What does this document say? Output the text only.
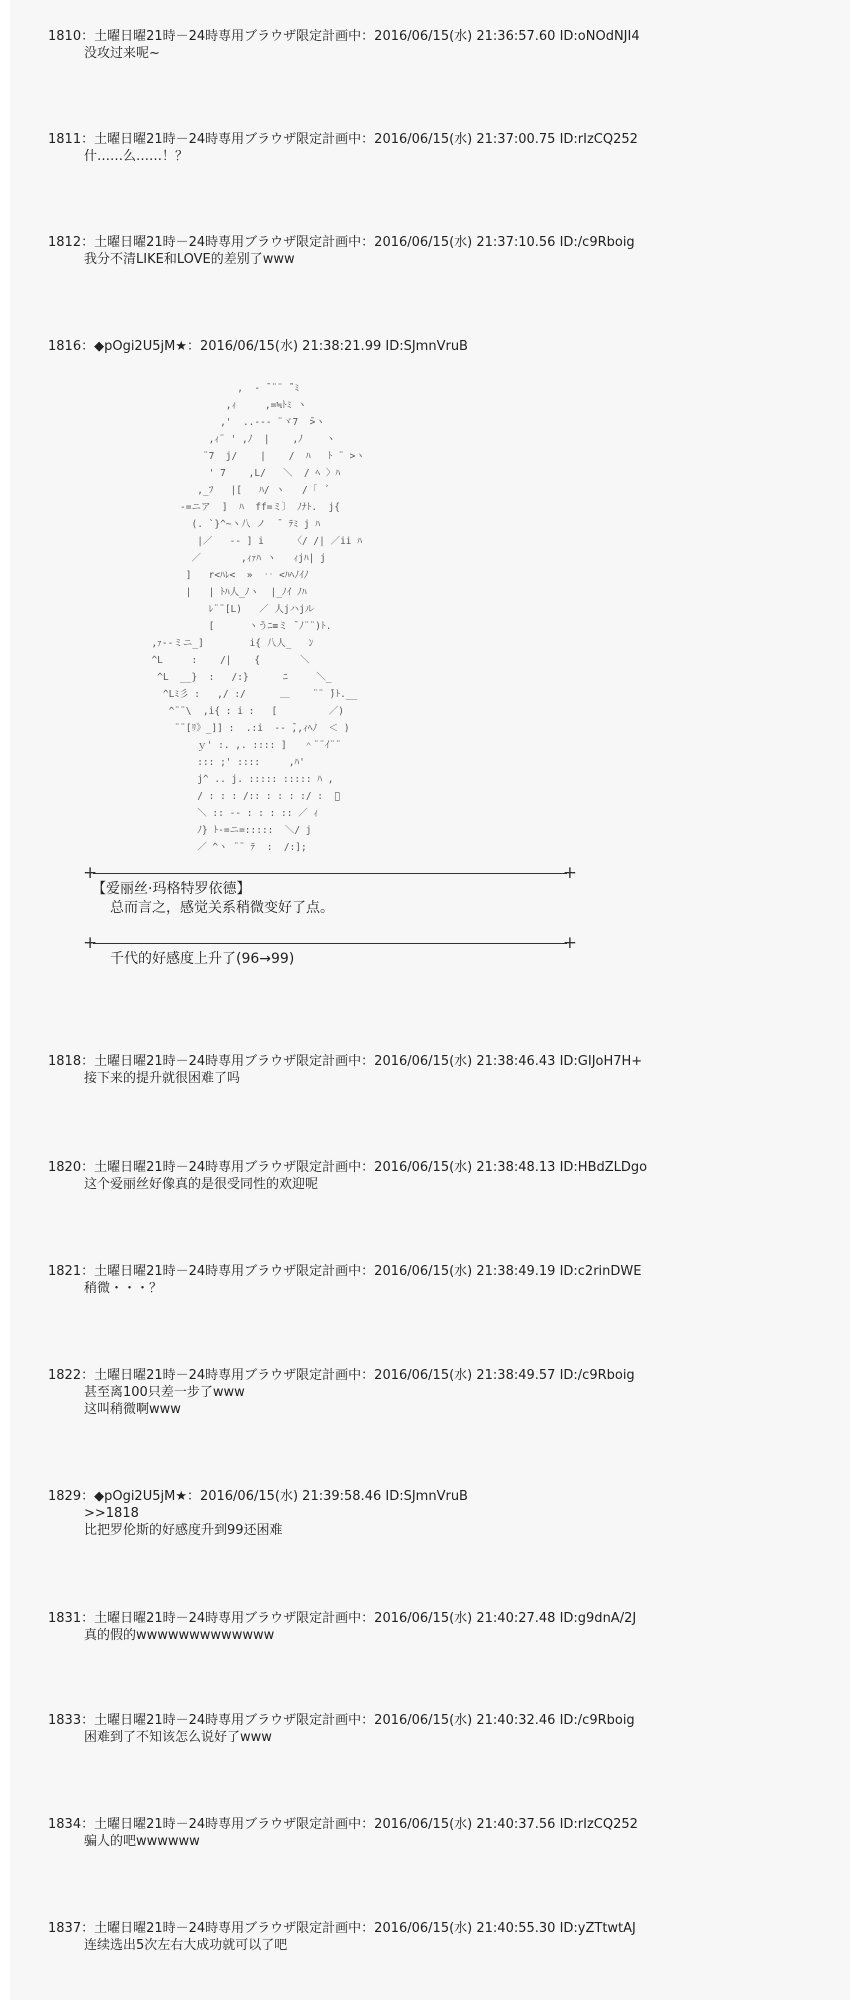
1810：土曜日曜21時－24時専用ブラウザ限定計画中：2016/06/15(水) 21:36:57.60 ID:oNOdNJI4
没攻过来呢~
1811：土曜日曜21時－24時専用ブラウザ限定計画中：2016/06/15(水) 21:37:00.75 ID:rIzCQ252
什……么……！？
1812：土曜日曜21時－24時専用ブラウザ限定計画中：2016/06/15(水) 21:37:10.56 ID:/c9Rboig
我分不清LIKE和LOVE的差别了www
1816：◆pOgi2U5jM★：2016/06/15(水) 21:38:21.99 ID:SJmnVruB
1818：土曜日曜21時－24時専用ブラウザ限定計画中：2016/06/15(水) 21:38:46.43 ID:GIJoH7H+
接下来的提升就很困难了吗
1820：土曜日曜21時－24時専用ブラウザ限定計画中：2016/06/15(水) 21:38:48.13 ID:HBdZLDgo
这个爱丽丝好像真的是很受同性的欢迎呢
1821：土曜日曜21時－24時専用ブラウザ限定計画中：2016/06/15(水) 21:38:49.19 ID:c2rinDWE
稍微・・・？
1822：土曜日曜21時－24時専用ブラウザ限定計画中：2016/06/15(水) 21:38:49.57 ID:/c9Rboig
甚至离100只差一步了www
这叫稍微啊www
1829：◆pOgi2U5jM★：2016/06/15(水) 21:39:58.46 ID:SJmnVruB
>>1818
比把罗伦斯的好感度升到99还困难
1831：土曜日曜21時－24時専用ブラウザ限定計画中：2016/06/15(水) 21:40:27.48 ID:g9dnA/2J
真的假的wwwwwwwwwwwww
1833：土曜日曜21時－24時専用ブラウザ限定計画中：2016/06/15(水) 21:40:32.46 ID:/c9Rboig
困难到了不知该怎么说好了www
1834：土曜日曜21時－24時専用ブラウザ限定計画中：2016/06/15(水) 21:40:37.56 ID:rIzCQ252
骗人的吧wwwwww
1837：土曜日曜21時－24時専用ブラウザ限定計画中：2016/06/15(水) 21:40:55.30 ID:yZTtwtAJ
连续选出5次左右大成功就可以了吧
,  ‐ ¯¨¨ ̄¨ﾐ
,ｨ     ,=≒ﾄﾐ ヽ
,'  ..--‐ ¨ヾ7  ̄>ヽ
,ｨ¨ ' ,ﾉ  |    ,ﾉ    ヽ
¨7  j/    |    /  ﾊ   ﾄ ¨ >ヽ
' 7    ,L/   ＼  / ﾍ 〉ﾊ
,_ﾌ   |[   ﾊ/ ヽ   /「  ﾞ
-=ニア  ]  ﾊ  ff=ミ〕 ﾉﾅﾄ.  j{
(. `}^~ヽ八 ノ  ̄  ﾃﾐ j ﾊ
|／   ‐‐ ] i     〈/ /| ／ii ﾊ
／       ,ｨｧﾊ ヽ   ｨjﾊ| j
]   r<ﾊﾚ<  »  ‥ <ﾊﾍﾉｲﾉ
|   | ﾄﾊ人_ﾉヽ  |_ﾉｲ ﾉﾊ
ﾚ¨¨[L)   ／ 人jハjル
[      ヽうﾆ≡ミ ̄ ﾉ¨¨)ﾄ.
,ｧ‐-ミニ_]        i{ 八人_   ﾝ
^L     :    /|    {       ＼
^L  __}  :   /:}      ﾆ     ＼_
^Lﾐ彡 :   ,/ :/      ＿    ¨¨ ̄)ﾄ.__
^¨¨\  ,i{ : i :   [         ／)
¨¨[ﾘ》_]] :  .:i  ‐‐ ̄,,ｨﾍﾉ  ＜ )
ｙ' :. ,. :::: ]   ＾¨¨ｲ¨¨
::: ;' ::::     ,ﾊ'
j^ .. j. ::::: ::::: ﾊ ,
/ : : : /:: : : : :/ :  ﾞ
＼ :: -- : : : :: ／ ｨ
ﾉ} ﾄ-=ニ=:::::  ＼/ j
／ ^ヽ ¨¨ ﾃ  :  /:];
+	+
【爱丽丝·玛格特罗依德】
总而言之，感觉关系稍微变好了点。
+	+
千代的好感度上升了(96→99)
